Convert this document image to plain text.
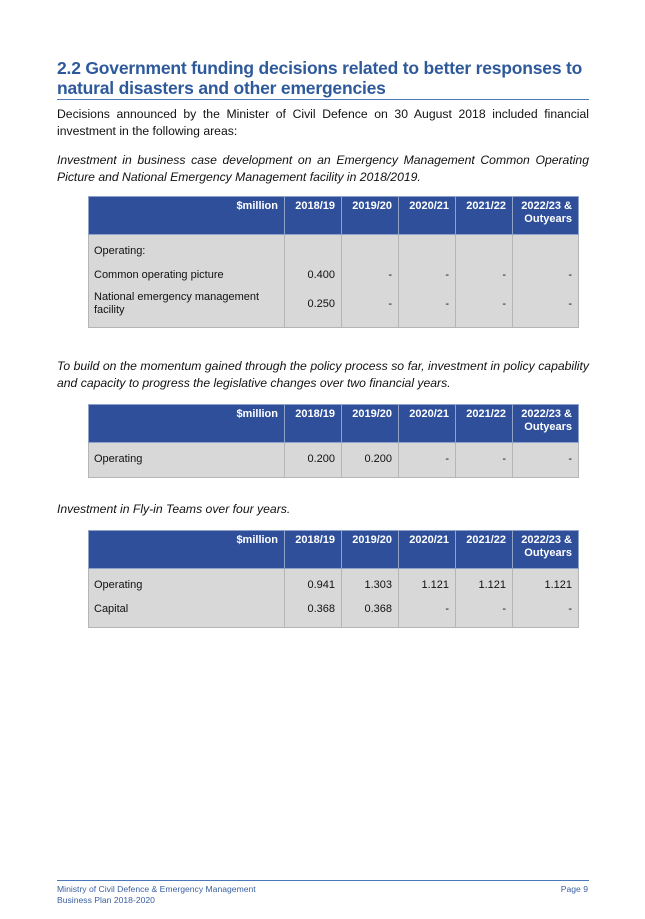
2.2 Government funding decisions related to better responses to natural disasters and other emergencies
Decisions announced by the Minister of Civil Defence on 30 August 2018 included financial investment in the following areas:
Investment in business case development on an Emergency Management Common Operating Picture and National Emergency Management facility in 2018/2019.
$million	2018/19	2019/20	2020/21	2021/22	2022/23 & Outyears
Operating:					
Common operating picture	0.400	-	-	-	-
National emergency management facility	0.250	-	-	-	-
To build on the momentum gained through the policy process so far, investment in policy capability and capacity to progress the legislative changes over two financial years.
$million	2018/19	2019/20	2020/21	2021/22	2022/23 & Outyears
Operating	0.200	0.200	-	-	-
Investment in Fly-in Teams over four years.
$million	2018/19	2019/20	2020/21	2021/22	2022/23 & Outyears
Operating	0.941	1.303	1.121	1.121	1.121
Capital	0.368	0.368	-	-	-
Ministry of Civil Defence & Emergency Management
Business Plan 2018-2020
Page 9
